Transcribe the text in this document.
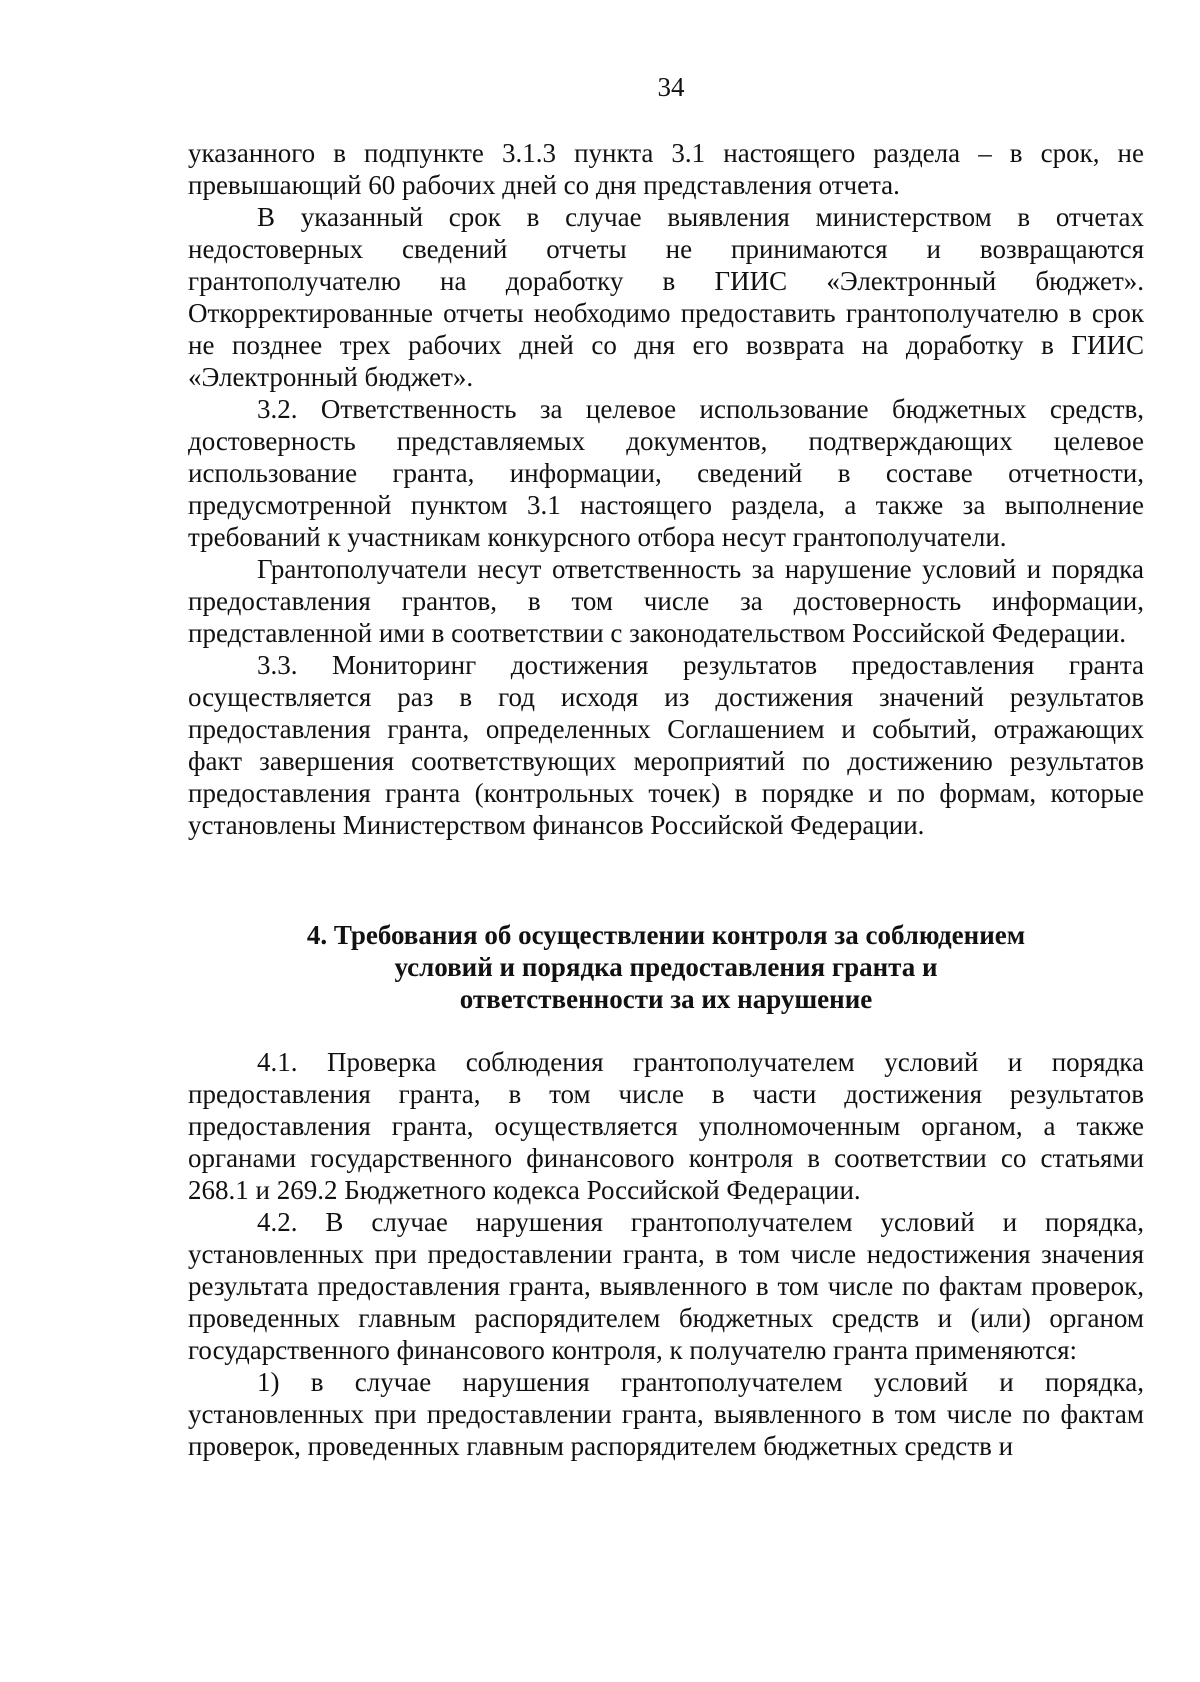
34

указанного в подпункте 3.1.3 пункта 3.1 настоящего раздела – в срок, не превышающий 60 рабочих дней со дня представления отчета.

В указанный срок в случае выявления министерством в отчетах недостоверных сведений отчеты не принимаются и возвращаются грантополучателю на доработку в ГИИС «Электронный бюджет». Откорректированные отчеты необходимо предоставить грантополучателю в срок не позднее трех рабочих дней со дня его возврата на доработку в ГИИС «Электронный бюджет».

3.2. Ответственность за целевое использование бюджетных средств, достоверность представляемых документов, подтверждающих целевое использование гранта, информации, сведений в составе отчетности, предусмотренной пунктом 3.1 настоящего раздела, а также за выполнение требований к участникам конкурсного отбора несут грантополучатели.

Грантополучатели несут ответственность за нарушение условий и порядка предоставления грантов, в том числе за достоверность информации, представленной ими в соответствии с законодательством Российской Федерации.

3.3. Мониторинг достижения результатов предоставления гранта осуществляется раз в год исходя из достижения значений результатов предоставления гранта, определенных Соглашением и событий, отражающих факт завершения соответствующих мероприятий по достижению результатов предоставления гранта (контрольных точек) в порядке и по формам, которые установлены Министерством финансов Российской Федерации.

4. Требования об осуществлении контроля за соблюдением
условий и порядка предоставления гранта и
ответственности за их нарушение

4.1. Проверка соблюдения грантополучателем условий и порядка предоставления гранта, в том числе в части достижения результатов предоставления гранта, осуществляется уполномоченным органом, а также органами государственного финансового контроля в соответствии со статьями 268.1 и 269.2 Бюджетного кодекса Российской Федерации.

4.2. В случае нарушения грантополучателем условий и порядка, установленных при предоставлении гранта, в том числе недостижения значения результата предоставления гранта, выявленного в том числе по фактам проверок, проведенных главным распорядителем бюджетных средств и (или) органом государственного финансового контроля, к получателю гранта применяются:

1) в случае нарушения грантополучателем условий и порядка, установленных при предоставлении гранта, выявленного в том числе по фактам проверок, проведенных главным распорядителем бюджетных средств и
